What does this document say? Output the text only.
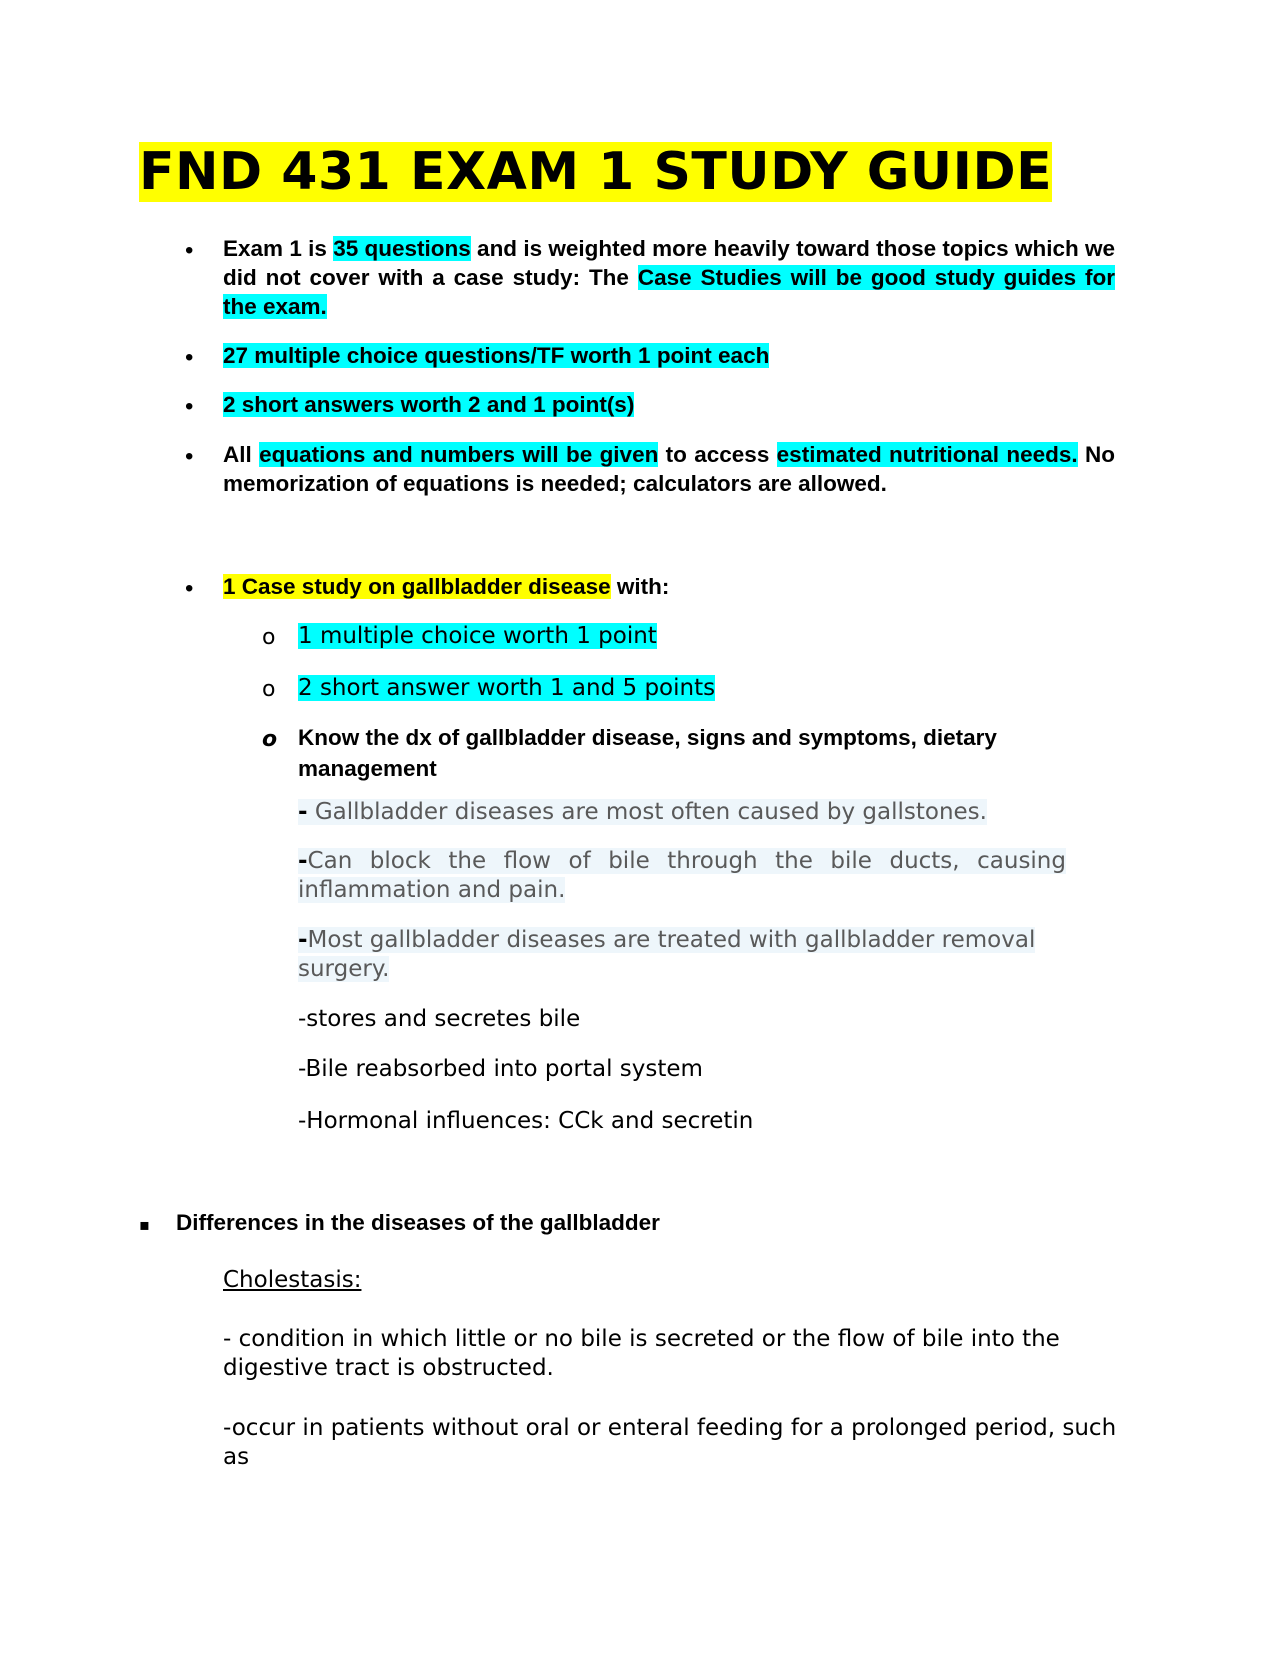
FND 431 EXAM 1 STUDY GUIDE
• Exam 1 is 35 questions and is weighted more heavily toward those topics which we did not cover with a case study: The Case Studies will be good study guides for the exam.
• 27 multiple choice questions/TF worth 1 point each
• 2 short answers worth 2 and 1 point(s)
• All equations and numbers will be given to access estimated nutritional needs. No memorization of equations is needed; calculators are allowed.
• 1 Case study on gallbladder disease with:
o 1 multiple choice worth 1 point
o 2 short answer worth 1 and 5 points
o Know the dx of gallbladder disease, signs and symptoms, dietary management
- Gallbladder diseases are most often caused by gallstones.
-Can block the flow of bile through the bile ducts, causing inflammation and pain.
-Most gallbladder diseases are treated with gallbladder removal surgery.
-stores and secretes bile
-Bile reabsorbed into portal system
-Hormonal influences: CCk and secretin
▪ Differences in the diseases of the gallbladder
Cholestasis:
- condition in which little or no bile is secreted or the flow of bile into the digestive tract is obstructed.
-occur in patients without oral or enteral feeding for a prolonged period, such as
